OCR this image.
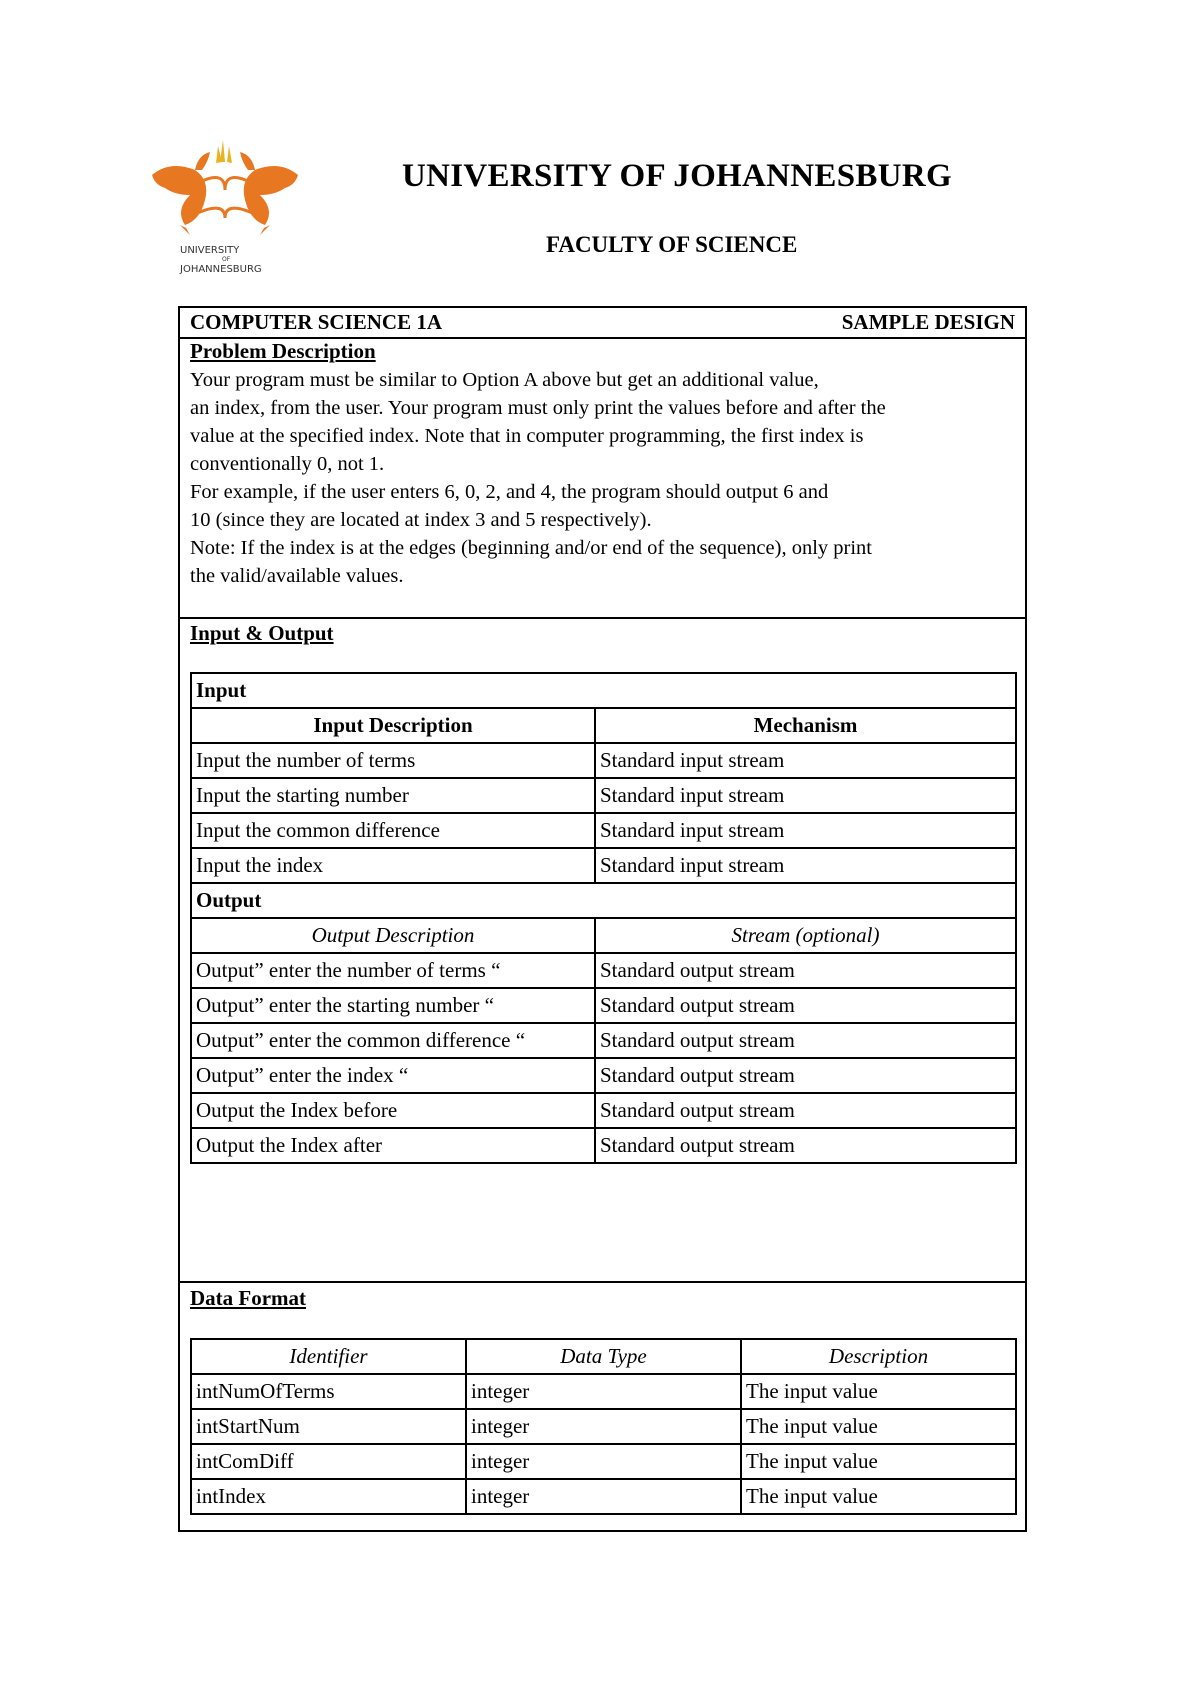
UNIVERSITY
OF
JOHANNESBURG
UNIVERSITY OF JOHANNESBURG
FACULTY OF SCIENCE
COMPUTER SCIENCE 1A	SAMPLE DESIGN
Problem Description

Your program must be similar to Option A above but get an additional value,

an index, from the user. Your program must only print the values before and after the

value at the specified index. Note that in computer programming, the first index is

conventionally 0, not 1.

For example, if the user enters 6, 0, 2, and 4, the program should output 6 and

10 (since they are located at index 3 and 5 respectively).

Note: If the index is at the edges (beginning and/or end of the sequence), only print

the valid/available values.

Input & Output
Input	
Input Description	Mechanism
Input the number of terms	Standard input stream
Input the starting number	Standard input stream
Input the common difference	Standard input stream
Input the index	Standard input stream
Output	
Output Description	Stream (optional)
Output” enter the number of terms “	Standard output stream
Output” enter the starting number “	Standard output stream
Output” enter the common difference “	Standard output stream
Output” enter the index “	Standard output stream
Output the Index before	Standard output stream
Output the Index after	Standard output stream
Data Format
Identifier	Data Type	Description
intNumOfTerms	integer	The input value
intStartNum	integer	The input value
intComDiff	integer	The input value
intIndex	integer	The input value
